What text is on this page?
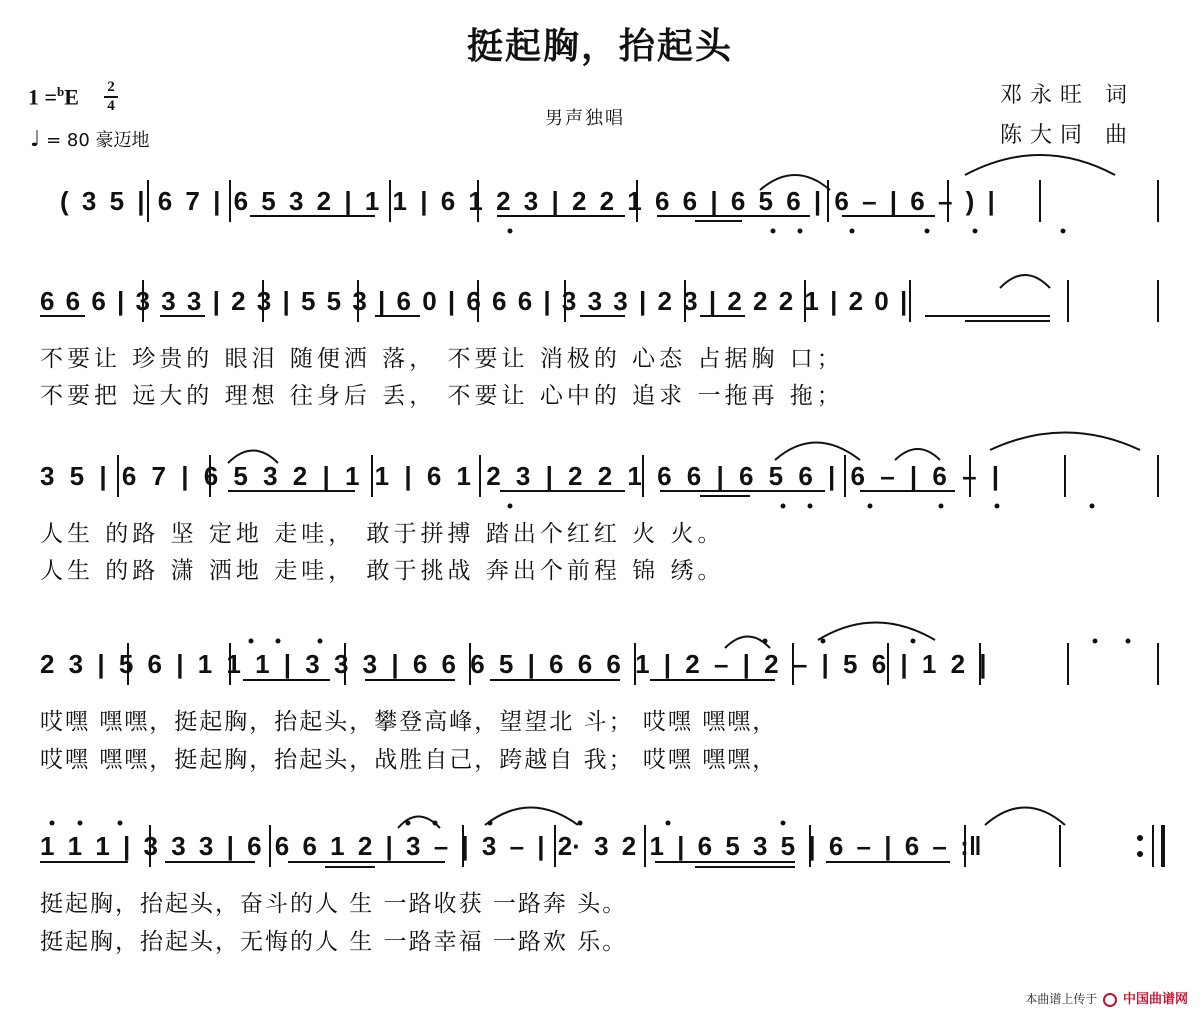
挺起胸，抬起头
1 =$^b$E 2
4
♩ = 80 豪迈地
男声独唱
邓永旺 词
陈大同 曲
( 3 5 | 6 7 | 6 5 3 2 | 1 1 | 6 1 2 3 | 2 2 1 6 6 | 6 5 6 | 6 – | 6 – ) |
6 6 6 | 3 3 3 | 2 3 | 5 5 3 | 6 0 | 6 6 6 | 3 3 3 | 2 3 | 2 2 2 1 | 2 0 |
3 5 | 6 7 | 6 5 3 2 | 1 1 | 6 1 2 3 | 2 2 1 6 6 | 6 5 6 | 6 – | 6 – |
2 3 | 5 6 | 1 1 1 | 3 3 3 | 6 6 6 5 | 6 6 6 1 | 2 – | 2 – | 5 6 | 1 2 |
1 1 1 | 3 3 3 | 6 6 6 1 2 | 3 – | 3 – | 2· 3 2 1 | 6 5 3 5 | 6 – | 6 – :‖
不要让 珍贵的 眼泪 随便洒 落， 不要让 消极的 心态 占据胸 口；
不要把 远大的 理想 往身后 丢， 不要让 心中的 追求 一拖再 拖；
人生 的路 坚 定地 走哇， 敢于拼搏 踏出个红红 火 火。
人生 的路 潇 洒地 走哇， 敢于挑战 奔出个前程 锦 绣。
哎嘿 嘿嘿，挺起胸，抬起头，攀登高峰，望望北 斗； 哎嘿 嘿嘿，
哎嘿 嘿嘿，挺起胸，抬起头，战胜自己，跨越自 我； 哎嘿 嘿嘿，
挺起胸，抬起头，奋斗的人 生 一路收获 一路奔 头。
挺起胸，抬起头，无悔的人 生 一路幸福 一路欢 乐。
本曲谱上传于 中国曲谱网
